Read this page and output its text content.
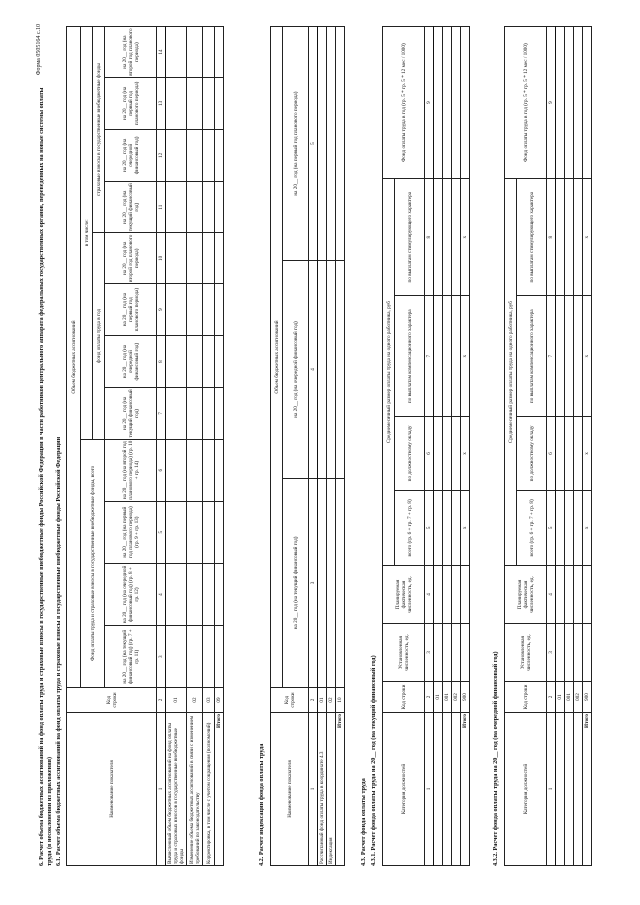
Форма 0505164 с.10
6. Расчет объема бюджетных ассигнований на фонд оплаты труда и страховые взносы в государственные внебюджетные фонды Российской Федерации в части работников центрального аппарата федеральных государственных органов, переведенных на новые системы оплаты труда (в несоклонении из приложения) 6.1. Расчет объема бюджетных ассигнований на фонд оплаты труда и страховые взносы в государственные внебюджетные фонды Российской Федерации	Наименование показателя	Код строки	Объем бюджетных ассигнований											
		Фонд оплаты труда и страховые взносы в государственные внебюджетные фонды, всего				в том числе:							
						фонд оплаты труда в год				страховые взносы в государственные внебюджетные фонды			
		на 20__ год (на текущий финансовый год) (гр. 7 + гр. 11)	на 20__ год (на очередной финансовый год) (гр. 8 + гр. 12)	на 20__ год (на первый год планового периода) (гр. 9 + гр. 13)	на 20__ год (на второй год планового периода) (гр. 10 + гр. 14)	на 20__ год (на текущий финансовый год)	на 20__ год (на очередной финансовый год)	на 20__ год (на первый год планового периода)	на 20__ год (на второй год планового периода)	на 20__ год (на текущий финансовый год)	на 20__ год (на очередной финансовый год)	на 20__ год (на первый год планового периода)	на 20__ год (на второй год планового периода)
1	2	3	4	5	6	7	8	9	10	11	12	13	14
Вычисленный объем бюджетных ассигнований на фонд оплаты труда и страховых взносов в государственные внебюджетные фонды	01												
Изменение объема бюджетных ассигнований в связи с изменением требований по законодательству	02												
Корректировка, в том числе с учетом сокращения (полномочий)	03												
Итого	09												
4.2. Расчет индексации фонда оплаты труда	Наименование показателя	Код строки	Объем бюджетных ассигнований		
		на 20__ год (на текущий финансовый год)	на 20__ год (на очередной финансовый год)	на 20__ год (на первый год планового периода)
1	2	3	4	5
Рассчитанный фонд оплаты труда в координате 4.3	01			
Индексация	02			
Итого	10			
4.3. Расчет фонда оплаты труда 4.3.1. Расчет фонда оплаты труда на 20__ год (на текущий финансовый год)	Категория должностей	Код строки	Установленная численность, ед.	Планируемая фактическая численность, ед.	Среднемесячный размер оплаты труда на одного работника, руб				Фонд оплаты труда в год (гр. 5 * гр. 5 * 12 мес / 1000)
				всего (гр. 6 + гр. 7 + гр. 8)	по должностному окладу	по выплатам компенсационного характера	по выплатам стимулирующего характера	
1	2	3	4	5	6	7	8	9
	01							
	001							
	002							
Итого	900			x	x	x	x	
4.3.2. Расчет фонда оплаты труда на 20__ год (на очередной финансовый год)	Категория должностей	Код строки	Установленная численность, ед.	Планируемая фактическая численность, ед.	Среднемесячный размер оплаты труда на одного работника, руб				Фонд оплаты труда в год (гр. 5 * гр. 5 * 12 мес / 1000)
				всего (гр. 6 + гр. 7 + гр. 8)	по должностному окладу	по выплатам компенсационного характера	по выплатам стимулирующего характера	
1	2	3	4	5	6	7	8	9
	01							
	001							
	002							
Итого	900			x	x	x	x	
